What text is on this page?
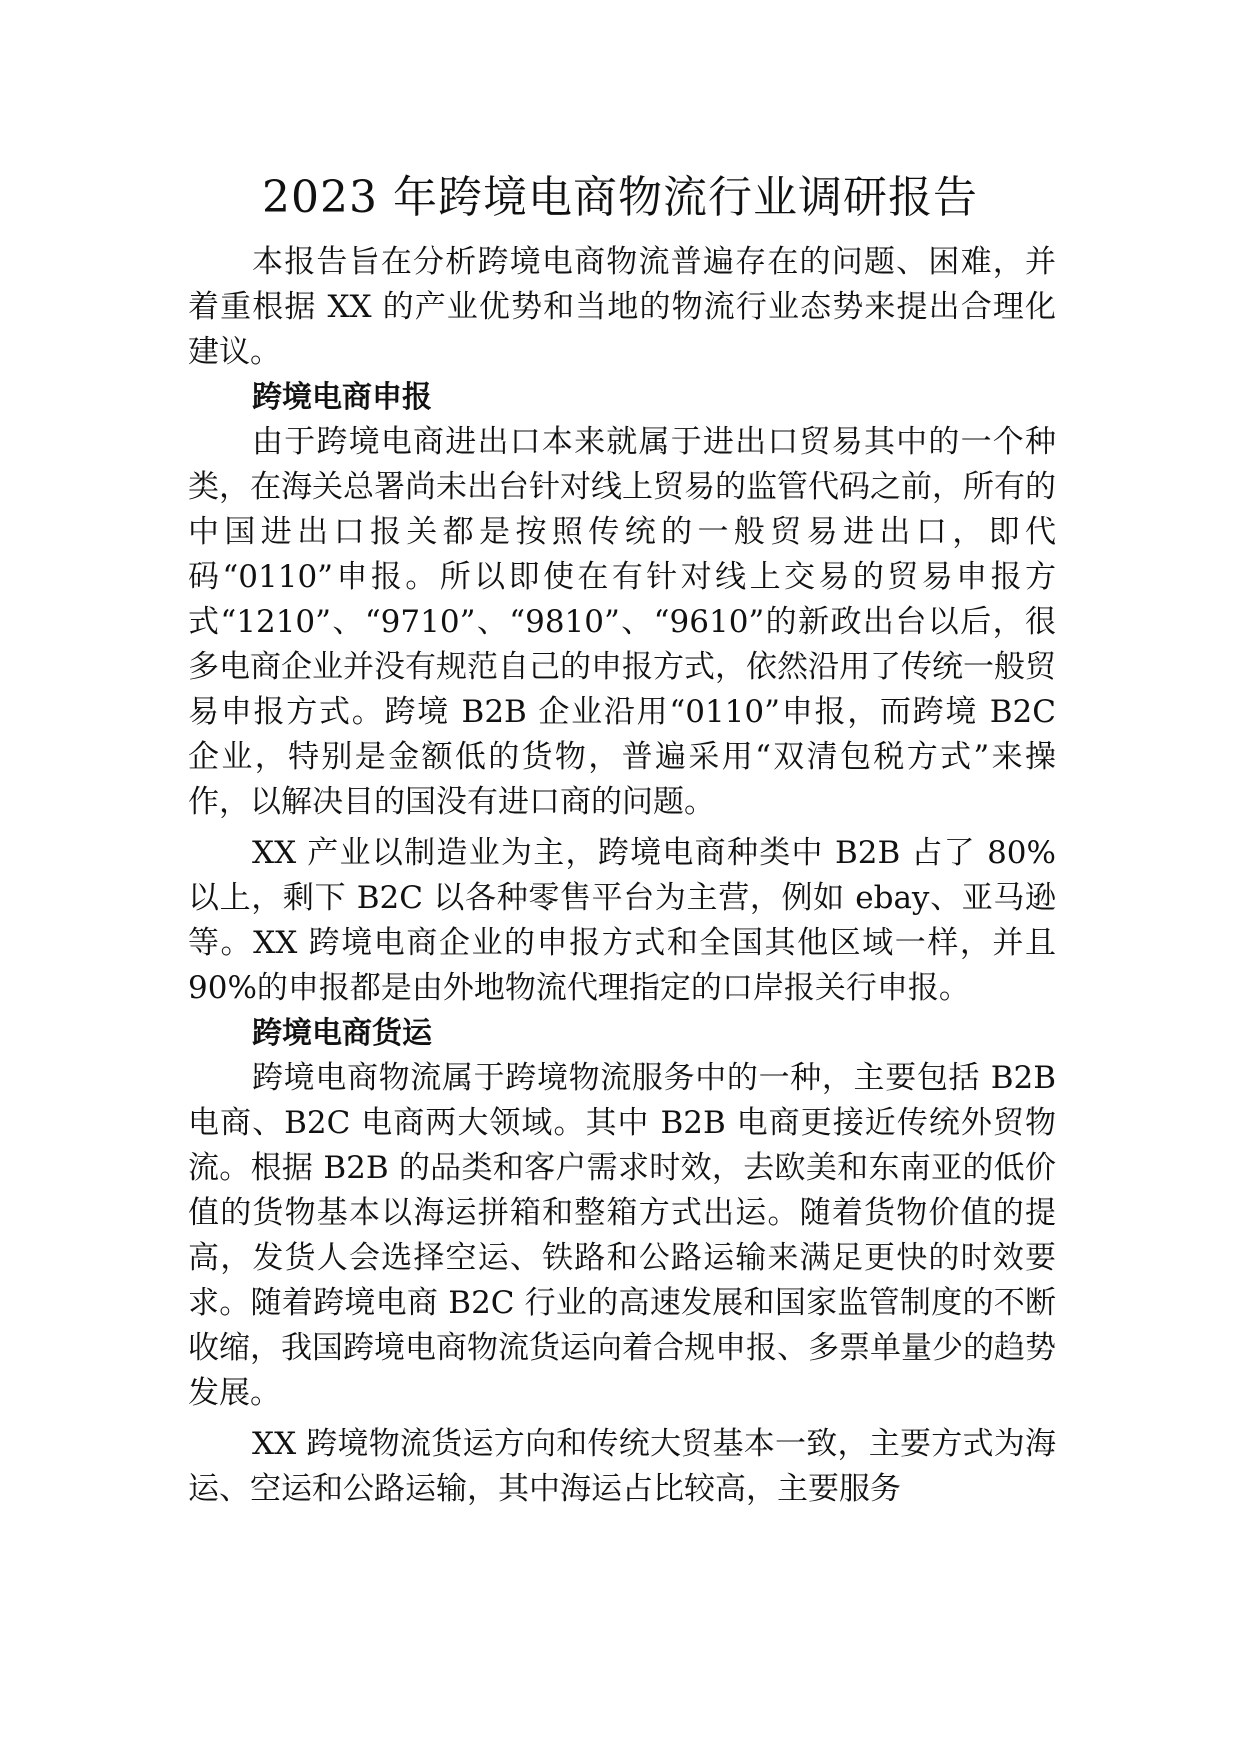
2023 年跨境电商物流行业调研报告

本报告旨在分析跨境电商物流普遍存在的问题、困难，并着重根据 XX 的产业优势和当地的物流行业态势来提出合理化建议。

跨境电商申报

由于跨境电商进出口本来就属于进出口贸易其中的一个种类，在海关总署尚未出台针对线上贸易的监管代码之前，所有的中国进出口报关都是按照传统的一般贸易进出口，即代码“0110”申报。所以即使在有针对线上交易的贸易申报方式“1210”、“9710”、“9810”、“9610”的新政出台以后，很多电商企业并没有规范自己的申报方式，依然沿用了传统一般贸易申报方式。跨境 B2B 企业沿用“0110”申报，而跨境 B2C 企业，特别是金额低的货物，普遍采用“双清包税方式”来操作，以解决目的国没有进口商的问题。

XX 产业以制造业为主，跨境电商种类中 B2B 占了 80%以上，剩下 B2C 以各种零售平台为主营，例如 ebay、亚马逊等。XX 跨境电商企业的申报方式和全国其他区域一样，并且 90%的申报都是由外地物流代理指定的口岸报关行申报。

跨境电商货运

跨境电商物流属于跨境物流服务中的一种，主要包括 B2B 电商、B2C 电商两大领域。其中 B2B 电商更接近传统外贸物流。根据 B2B 的品类和客户需求时效，去欧美和东南亚的低价值的货物基本以海运拼箱和整箱方式出运。随着货物价值的提高，发货人会选择空运、铁路和公路运输来满足更快的时效要求。随着跨境电商 B2C 行业的高速发展和国家监管制度的不断收缩，我国跨境电商物流货运向着合规申报、多票单量少的趋势发展。

XX 跨境物流货运方向和传统大贸基本一致，主要方式为海运、空运和公路运输，其中海运占比较高，主要服务
